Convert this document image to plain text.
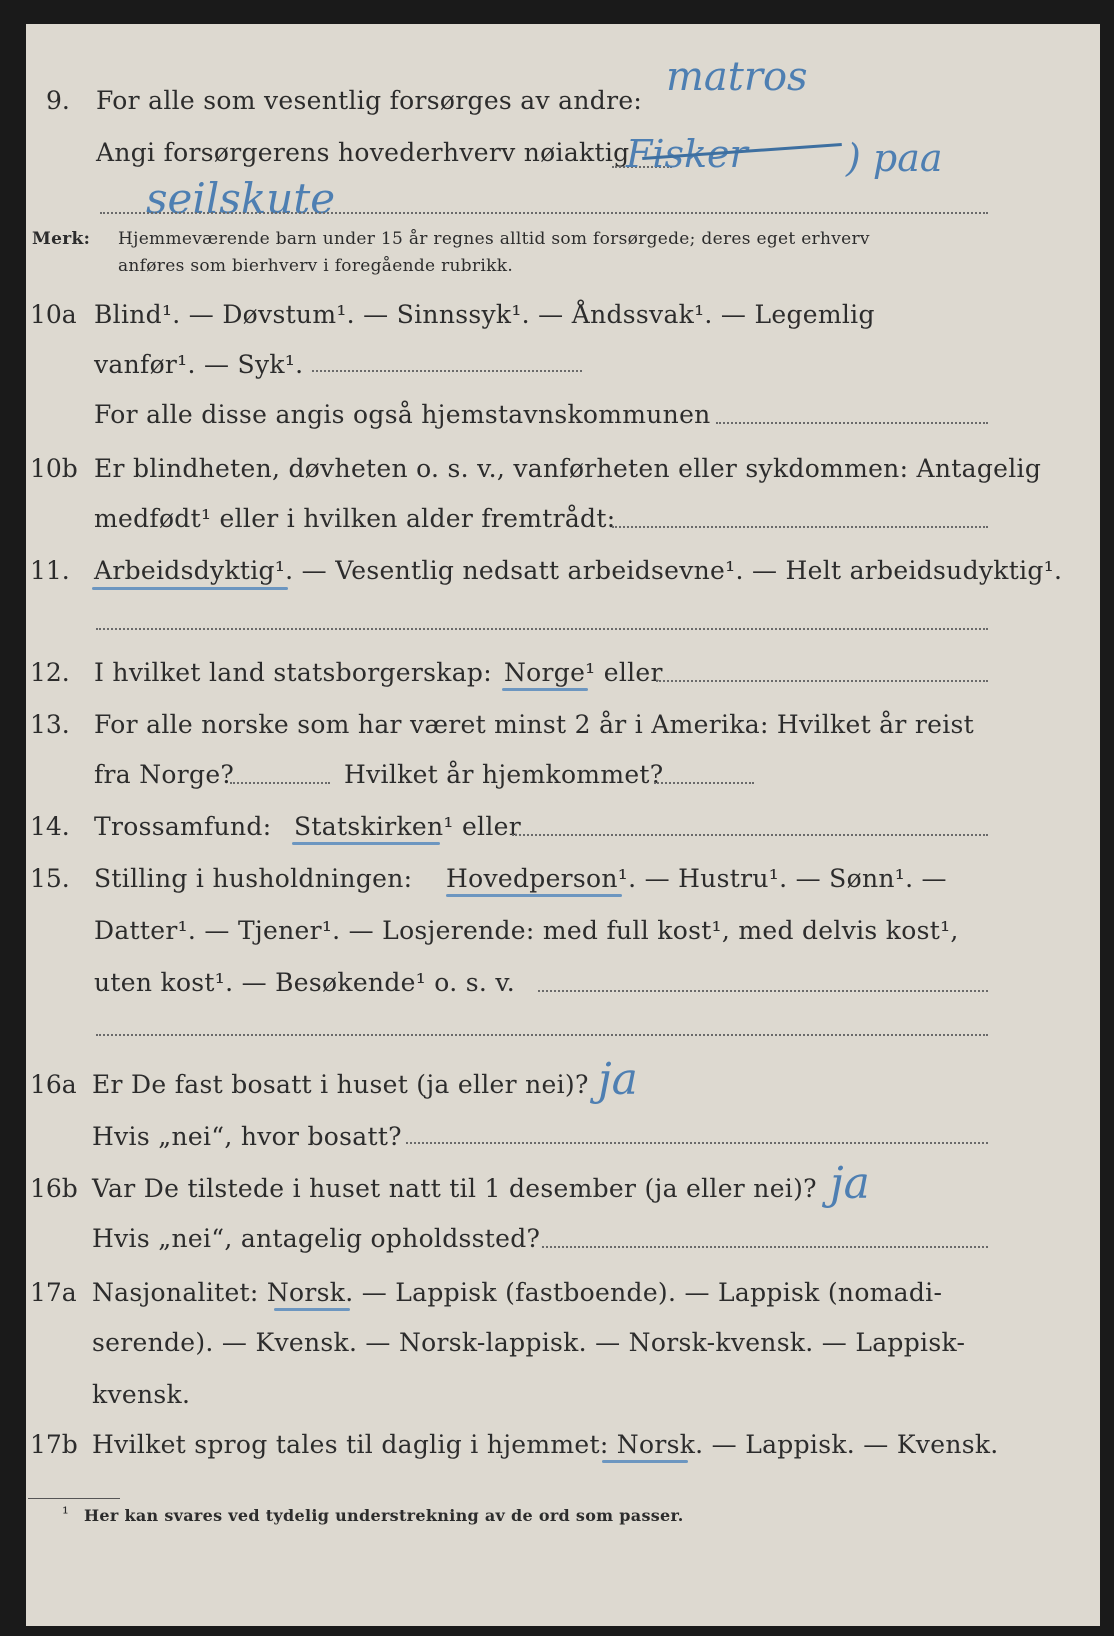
9. For alle som vesentlig forsørges av andre:
Angi forsørgerens hovederhverv nøiaktig
matros
Fisker	) paa
seilskute
Merk: Hjemmeværende barn under 15 år regnes alltid som forsørgede; deres eget erhverv
anføres som bierhverv i foregående rubrikk.
10a Blind¹. — Døvstum¹. — Sinnssyk¹. — Åndssvak¹. — Legemlig
vanfør¹. — Syk¹.
For alle disse angis også hjemstavnskommunen
10b Er blindheten, døvheten o. s. v., vanførheten eller sykdommen: Antagelig
medfødt¹ eller i hvilken alder fremtrådt:
11. Arbeidsdyktig¹. — Vesentlig nedsatt arbeidsevne¹. — Helt arbeidsudyktig¹.
12. I hvilket land statsborgerskap: Norge¹ eller
13. For alle norske som har været minst 2 år i Amerika: Hvilket år reist
fra Norge?	Hvilket år hjemkommet?
14. Trossamfund: Statskirken¹ eller
15. Stilling i husholdningen: Hovedperson¹. — Hustru¹. — Sønn¹. —
Datter¹. — Tjener¹. — Losjerende: med full kost¹, med delvis kost¹,
uten kost¹. — Besøkende¹ o. s. v.
16a Er De fast bosatt i huset (ja eller nei)? ja
Hvis „nei“, hvor bosatt?
16b Var De tilstede i huset natt til 1 desember (ja eller nei)? ja
Hvis „nei“, antagelig opholdssted?
17a Nasjonalitet: Norsk. — Lappisk (fastboende). — Lappisk (nomadi-
serende). — Kvensk. — Norsk-lappisk. — Norsk-kvensk. — Lappisk-
kvensk.
17b Hvilket sprog tales til daglig i hjemmet: Norsk. — Lappisk. — Kvensk.
¹ Her kan svares ved tydelig understrekning av de ord som passer.
